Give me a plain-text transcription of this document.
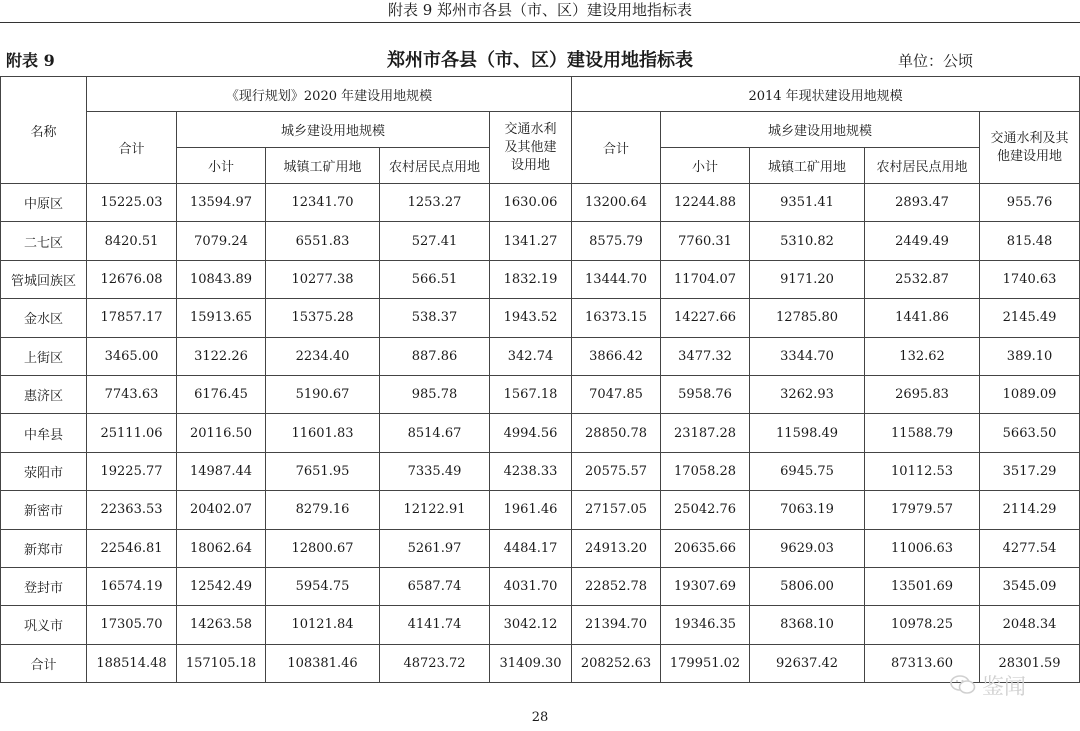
附表 9 郑州市各县（市、区）建设用地指标表
附表 9	郑州市各县（市、区）建设用地指标表	单位：公顷
名称	《现行规划》2020 年建设用地规模					2014 年现状建设用地规模				
	合计	城乡建设用地规模			交通水利及其他建设用地	合计	城乡建设用地规模			交通水利及其他建设用地
		小计	城镇工矿用地	农村居民点用地			小计	城镇工矿用地	农村居民点用地	
中原区	15225.03	13594.97	12341.70	1253.27	1630.06	13200.64	12244.88	9351.41	2893.47	955.76
二七区	8420.51	7079.24	6551.83	527.41	1341.27	8575.79	7760.31	5310.82	2449.49	815.48
管城回族区	12676.08	10843.89	10277.38	566.51	1832.19	13444.70	11704.07	9171.20	2532.87	1740.63
金水区	17857.17	15913.65	15375.28	538.37	1943.52	16373.15	14227.66	12785.80	1441.86	2145.49
上街区	3465.00	3122.26	2234.40	887.86	342.74	3866.42	3477.32	3344.70	132.62	389.10
惠济区	7743.63	6176.45	5190.67	985.78	1567.18	7047.85	5958.76	3262.93	2695.83	1089.09
中牟县	25111.06	20116.50	11601.83	8514.67	4994.56	28850.78	23187.28	11598.49	11588.79	5663.50
荥阳市	19225.77	14987.44	7651.95	7335.49	4238.33	20575.57	17058.28	6945.75	10112.53	3517.29
新密市	22363.53	20402.07	8279.16	12122.91	1961.46	27157.05	25042.76	7063.19	17979.57	2114.29
新郑市	22546.81	18062.64	12800.67	5261.97	4484.17	24913.20	20635.66	9629.03	11006.63	4277.54
登封市	16574.19	12542.49	5954.75	6587.74	4031.70	22852.78	19307.69	5806.00	13501.69	3545.09
巩义市	17305.70	14263.58	10121.84	4141.74	3042.12	21394.70	19346.35	8368.10	10978.25	2048.34
合计	188514.48	157105.18	108381.46	48723.72	31409.30	208252.63	179951.02	92637.42	87313.60	28301.59
28
鉴闻
